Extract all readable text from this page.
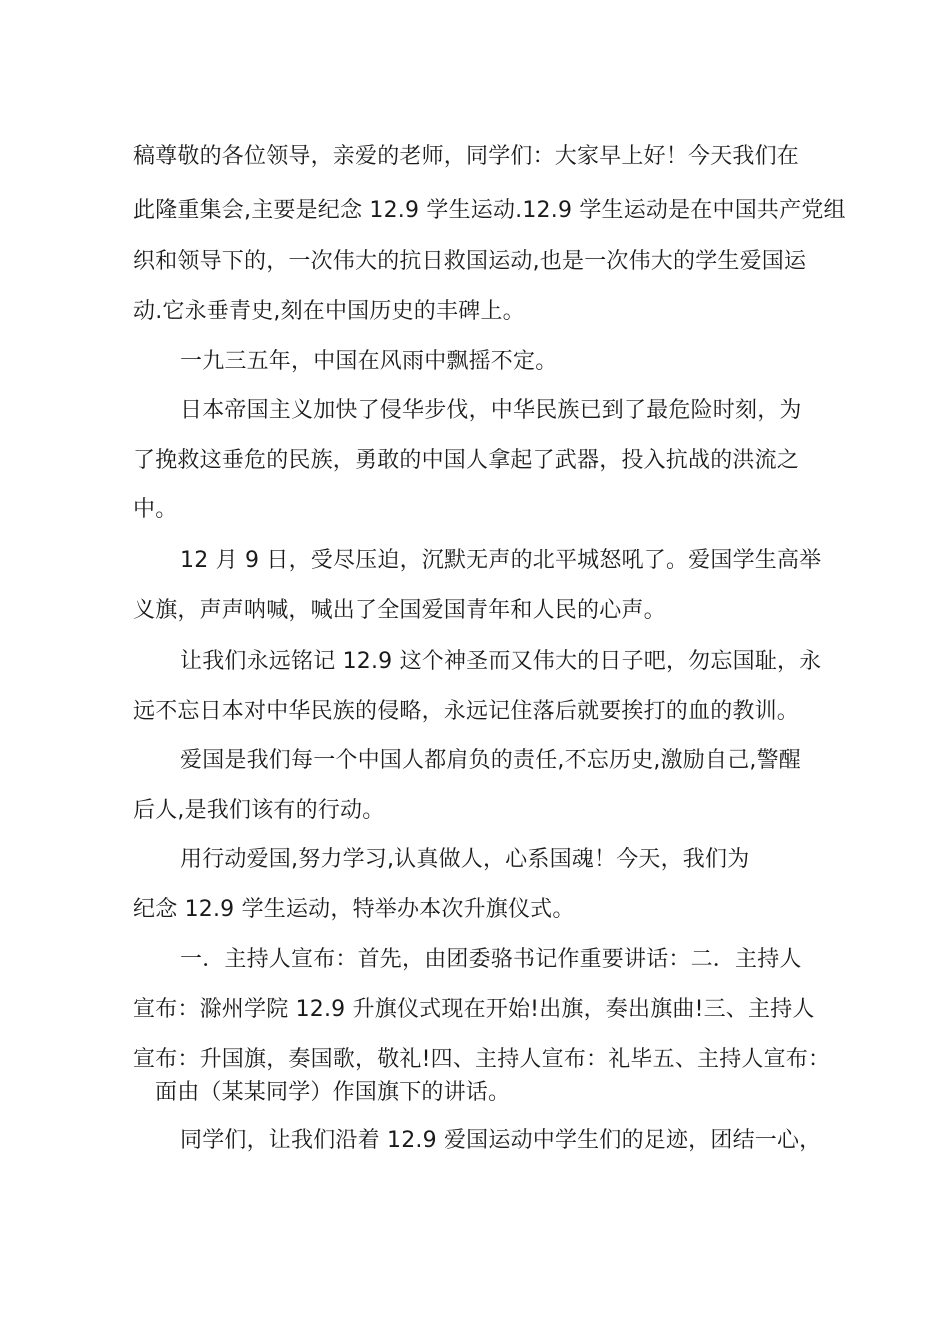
稿尊敬的各位领导，亲爱的老师，同学们：大家早上好！今天我们在
此隆重集会,主要是纪念 12.9 学生运动.12.9 学生运动是在中国共产党组
织和领导下的，一次伟大的抗日救国运动,也是一次伟大的学生爱国运
动.它永垂青史,刻在中国历史的丰碑上。
一九三五年，中国在风雨中飘摇不定。
日本帝国主义加快了侵华步伐，中华民族已到了最危险时刻，为
了挽救这垂危的民族，勇敢的中国人拿起了武器，投入抗战的洪流之
中。
12 月 9 日，受尽压迫，沉默无声的北平城怒吼了。爱国学生高举
义旗，声声呐喊，喊出了全国爱国青年和人民的心声。
让我们永远铭记 12.9 这个神圣而又伟大的日子吧，勿忘国耻，永
远不忘日本对中华民族的侵略，永远记住落后就要挨打的血的教训。
爱国是我们每一个中国人都肩负的责任,不忘历史,激励自己,警醒
后人,是我们该有的行动。
用行动爱国,努力学习,认真做人，心系国魂！今天，我们为
纪念 12.9 学生运动，特举办本次升旗仪式。
一．主持人宣布：首先，由团委骆书记作重要讲话：二．主持人
宣布：滁州学院 12.9 升旗仪式现在开始!出旗，奏出旗曲!三、主持人
宣布：升国旗，奏国歌，敬礼!四、主持人宣布：礼毕五、主持人宣布：
面由（某某同学）作国旗下的讲话。
同学们，让我们沿着 12.9 爱国运动中学生们的足迹，团结一心，
